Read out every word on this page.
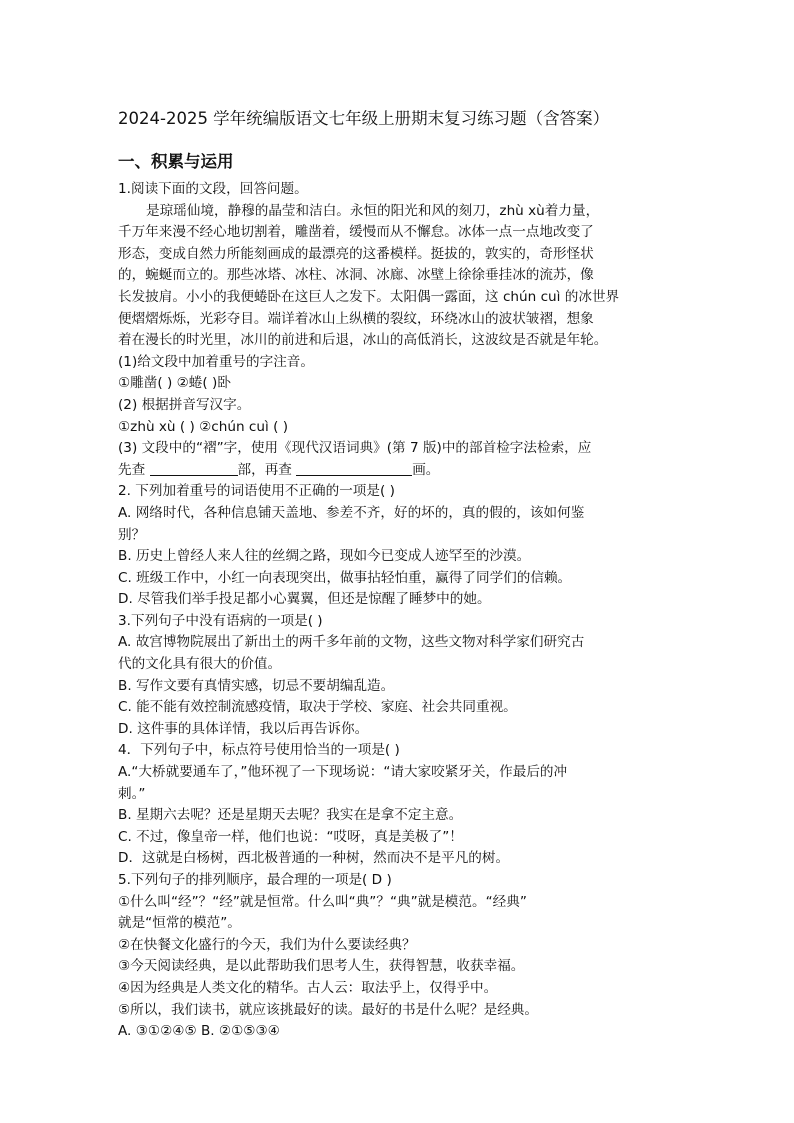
2024-2025 学年统编版语文七年级上册期末复习练习题（含答案）
一、积累与运用
1.阅读下面的文段，回答问题。
是琼瑶仙境，静穆的晶莹和洁白。永恒的阳光和风的刻刀，zhù xù着力量，
千万年来漫不经心地切割着，雕凿着，缓慢而从不懈怠。冰体一点一点地改变了
形态，变成自然力所能刻画成的最漂亮的这番模样。挺拔的，敦实的，奇形怪状
的，蜿蜒而立的。那些冰塔、冰柱、冰洞、冰廊、冰壁上徐徐垂挂冰的流苏，像
长发披肩。小小的我便蜷卧在这巨人之发下。太阳偶一露面，这 chún cuì 的冰世界
便熠熠烁烁，光彩夺目。端详着冰山上纵横的裂纹，环绕冰山的波状皱褶，想象
着在漫长的时光里，冰川的前进和后退，冰山的高低消长，这波纹是否就是年轮。
(1)给文段中加着重号的字注音。
①雕凿( ) ②蜷( )卧
(2) 根据拼音写汉字。
①zhù xù ( ) ②chún cuì ( )
(3) 文段中的“褶”字，使用《现代汉语词典》(第 7 版)中的部首检字法检索，应
先查	部，再查	画。
2. 下列加着重号的词语使用不正确的一项是( )
A. 网络时代，各种信息铺天盖地、参差不齐，好的坏的，真的假的，该如何鉴
别？
B. 历史上曾经人来人往的丝绸之路，现如今已变成人迹罕至的沙漠。
C. 班级工作中，小红一向表现突出，做事拈轻怕重，赢得了同学们的信赖。
D. 尽管我们举手投足都小心翼翼，但还是惊醒了睡梦中的她。
3.下列句子中没有语病的一项是( )
A. 故宫博物院展出了新出土的两千多年前的文物，这些文物对科学家们研究古
代的文化具有很大的价值。
B. 写作文要有真情实感，切忌不要胡编乱造。
C. 能不能有效控制流感疫情，取决于学校、家庭、社会共同重视。
D. 这件事的具体详情，我以后再告诉你。
4．下列句子中，标点符号使用恰当的一项是( )
A.“大桥就要通车了，”他环视了一下现场说：“请大家咬紧牙关，作最后的冲
刺。”
B. 星期六去呢？还是星期天去呢？我实在是拿不定主意。
C. 不过，像皇帝一样，他们也说：“哎呀，真是美极了”！
D．这就是白杨树，西北极普通的一种树，然而决不是平凡的树。
5.下列句子的排列顺序，最合理的一项是( D )
①什么叫“经”？“经”就是恒常。什么叫“典”？“典”就是模范。“经典”
就是“恒常的模范”。
②在快餐文化盛行的今天，我们为什么要读经典？
③今天阅读经典，是以此帮助我们思考人生，获得智慧，收获幸福。
④因为经典是人类文化的精华。古人云：取法乎上，仅得乎中。
⑤所以，我们读书，就应该挑最好的读。最好的书是什么呢？是经典。
A. ③①②④⑤ B. ②①⑤③④
